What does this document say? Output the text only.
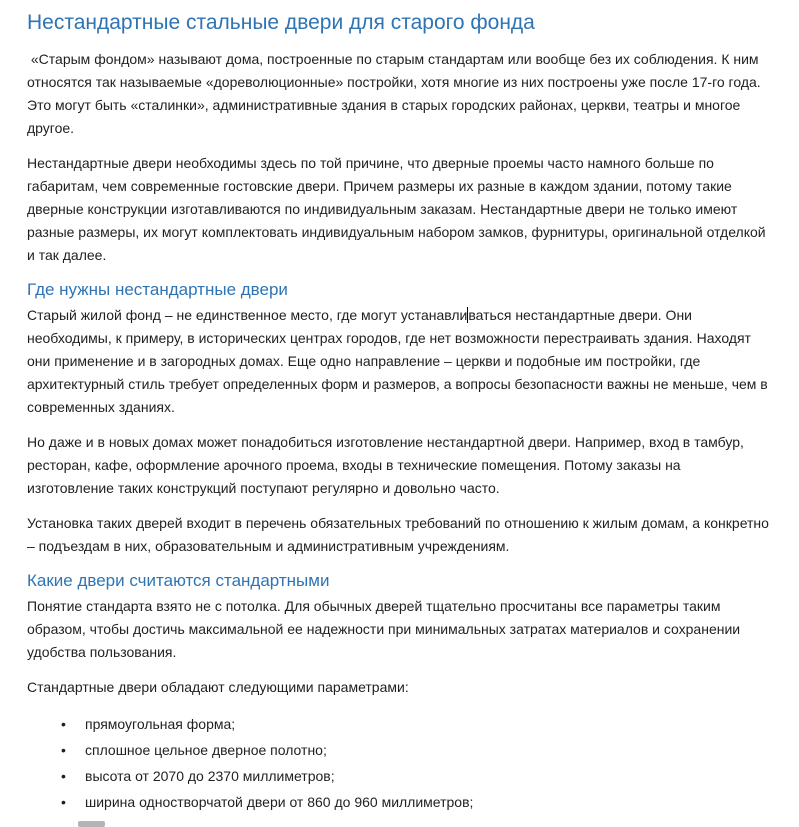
Нестандартные стальные двери для старого фонда

«Старым фондом» называют дома, построенные по старым стандартам или вообще без их соблюдения. К ним относятся так называемые «дореволюционные» постройки, хотя многие из них построены уже после 17-го года. Это могут быть «сталинки», административные здания в старых городских районах, церкви, театры и многое другое.

Нестандартные двери необходимы здесь по той причине, что дверные проемы часто намного больше по габаритам, чем современные гостовские двери. Причем размеры их разные в каждом здании, потому такие дверные конструкции изготавливаются по индивидуальным заказам. Нестандартные двери не только имеют разные размеры, их могут комплектовать индивидуальным набором замков, фурнитуры, оригинальной отделкой и так далее.

Где нужны нестандартные двери

Старый жилой фонд – не единственное место, где могут устанавливаться нестандартные двери. Они необходимы, к примеру, в исторических центрах городов, где нет возможности перестраивать здания. Находят они применение и в загородных домах. Еще одно направление – церкви и подобные им постройки, где архитектурный стиль требует определенных форм и размеров, а вопросы безопасности важны не меньше, чем в современных зданиях.

Но даже и в новых домах может понадобиться изготовление нестандартной двери. Например, вход в тамбур, ресторан, кафе, оформление арочного проема, входы в технические помещения. Потому заказы на изготовление таких конструкций поступают регулярно и довольно часто.

Установка таких дверей входит в перечень обязательных требований по отношению к жилым домам, а конкретно – подъездам в них, образовательным и административным учреждениям.

Какие двери считаются стандартными

Понятие стандарта взято не с потолка. Для обычных дверей тщательно просчитаны все параметры таким образом, чтобы достичь максимальной ее надежности при минимальных затратах материалов и сохранении удобства пользования.

Стандартные двери обладают следующими параметрами:

• прямоугольная форма;
• сплошное цельное дверное полотно;
• высота от 2070 до 2370 миллиметров;
• ширина одностворчатой двери от 860 до 960 миллиметров;
